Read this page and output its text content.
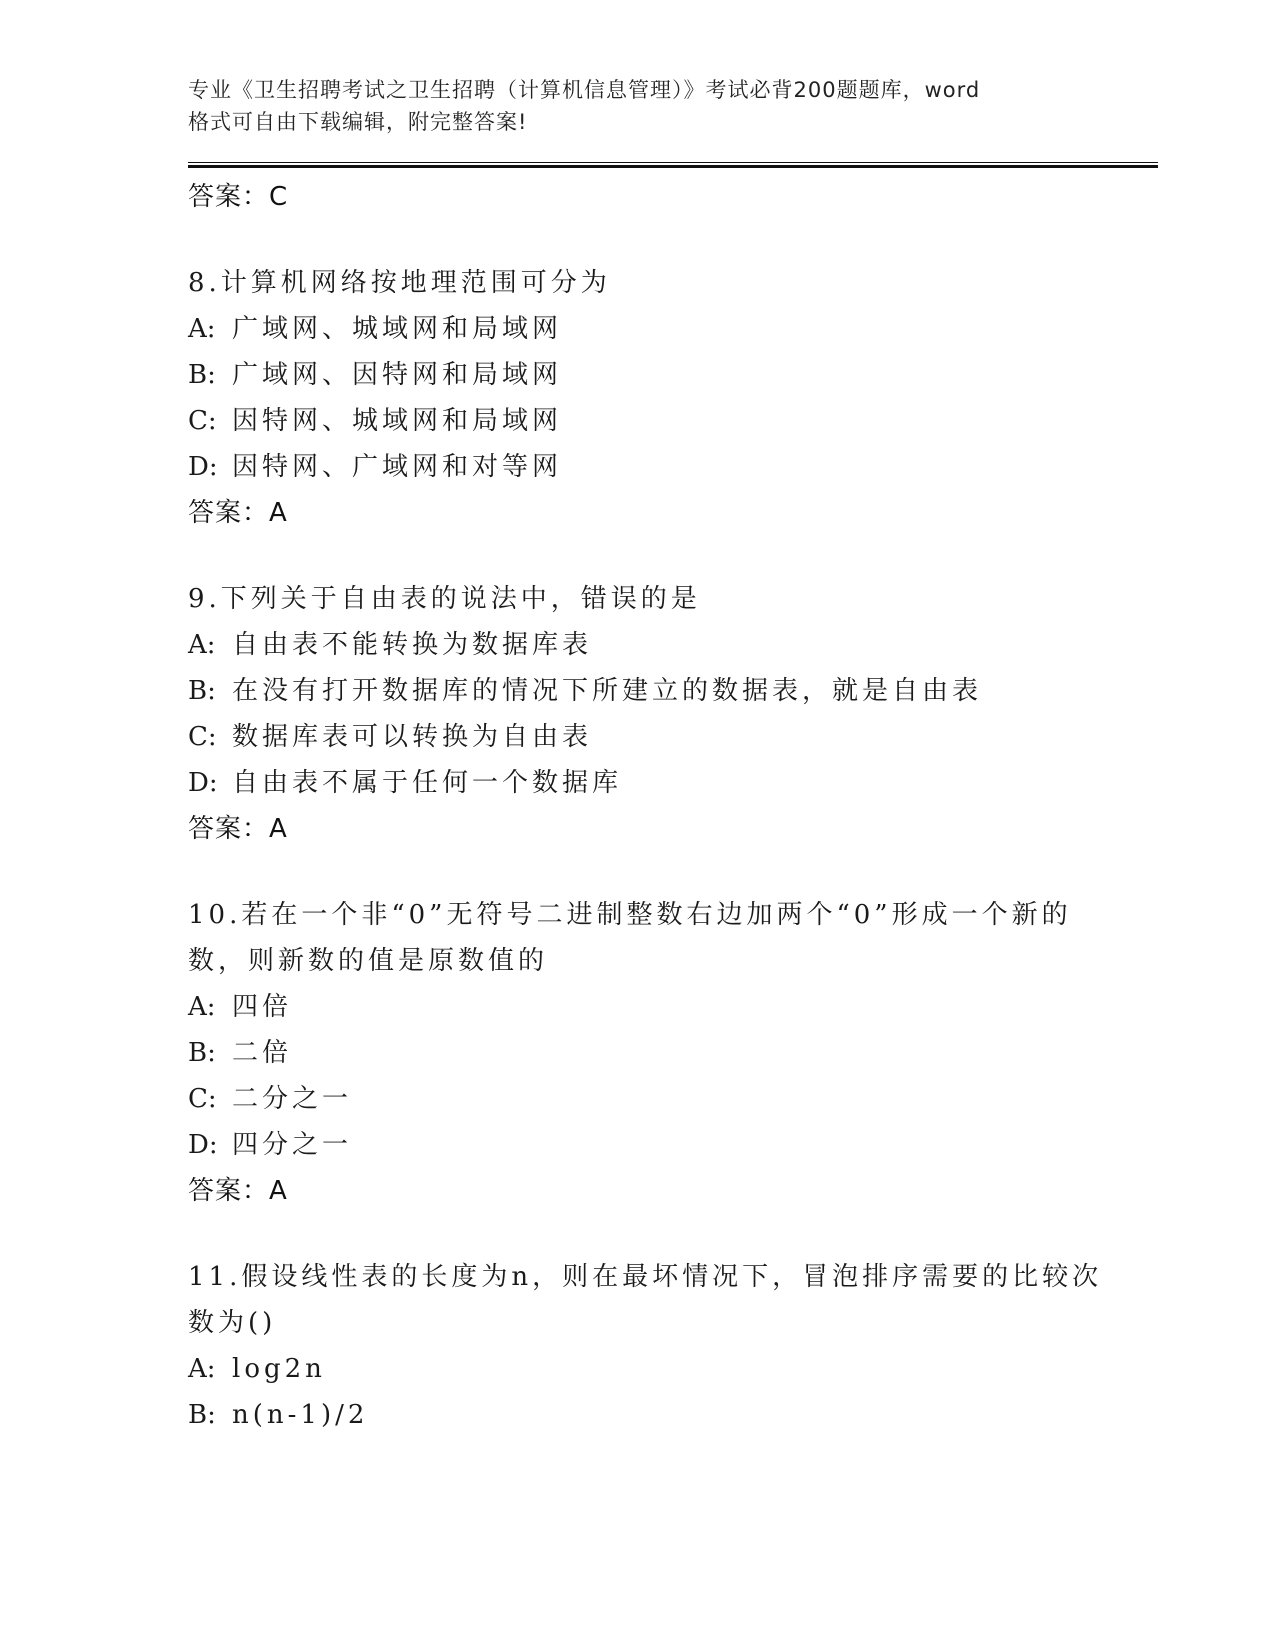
专业《卫生招聘考试之卫生招聘（计算机信息管理）》考试必背200题题库，word

格式可自由下载编辑，附完整答案!

答案：C
8.计算机网络按地理范围可分为
A: 广域网、城域网和局域网
B: 广域网、因特网和局域网
C: 因特网、城域网和局域网
D: 因特网、广域网和对等网
答案：A
9.下列关于自由表的说法中，错误的是
A: 自由表不能转换为数据库表
B: 在没有打开数据库的情况下所建立的数据表，就是自由表
C: 数据库表可以转换为自由表
D: 自由表不属于任何一个数据库
答案：A
10.若在一个非“0”无符号二进制整数右边加两个“0”形成一个新的
数，则新数的值是原数值的
A: 四倍
B: 二倍
C: 二分之一
D: 四分之一
答案：A
11.假设线性表的长度为n，则在最坏情况下，冒泡排序需要的比较次
数为()
A: log2n
B: n(n-1)/2
